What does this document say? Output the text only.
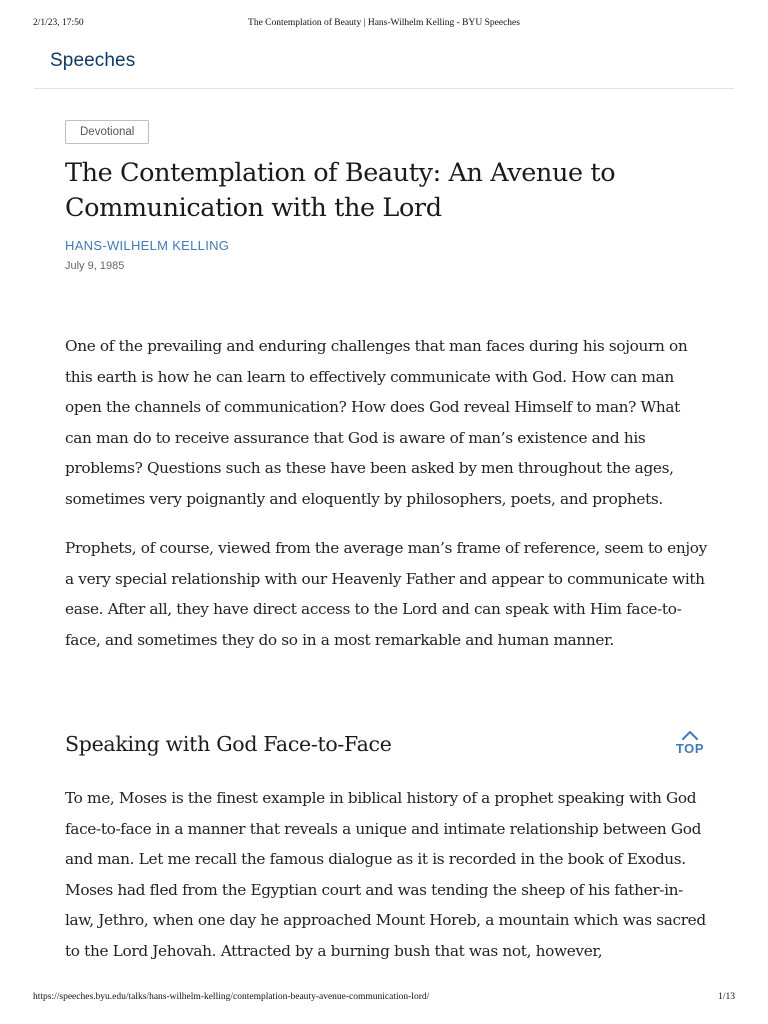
2/1/23, 17:50	The Contemplation of Beauty | Hans-Wilhelm Kelling - BYU Speeches
Speeches
Devotional
The Contemplation of Beauty: An Avenue to Communication with the Lord
HANS-WILHELM KELLING
July 9, 1985

One of the prevailing and enduring challenges that man faces during his sojourn on this earth is how he can learn to effectively communicate with God. How can man open the channels of communication? How does God reveal Himself to man? What can man do to receive assurance that God is aware of man’s existence and his problems? Questions such as these have been asked by men throughout the ages, sometimes very poignantly and eloquently by philosophers, poets, and prophets.

Prophets, of course, viewed from the average man’s frame of reference, seem to enjoy a very special relationship with our Heavenly Father and appear to communicate with ease. After all, they have direct access to the Lord and can speak with Him face-to-face, and sometimes they do so in a most remarkable and human manner.

Speaking with God Face-to-Face	TOP

To me, Moses is the finest example in biblical history of a prophet speaking with God face-to-face in a manner that reveals a unique and intimate relationship between God and man. Let me recall the famous dialogue as it is recorded in the book of Exodus. Moses had fled from the Egyptian court and was tending the sheep of his father-in-law, Jethro, when one day he approached Mount Horeb, a mountain which was sacred to the Lord Jehovah. Attracted by a burning bush that was not, however,

https://speeches.byu.edu/talks/hans-wilhelm-kelling/contemplation-beauty-avenue-communication-lord/	1/13
